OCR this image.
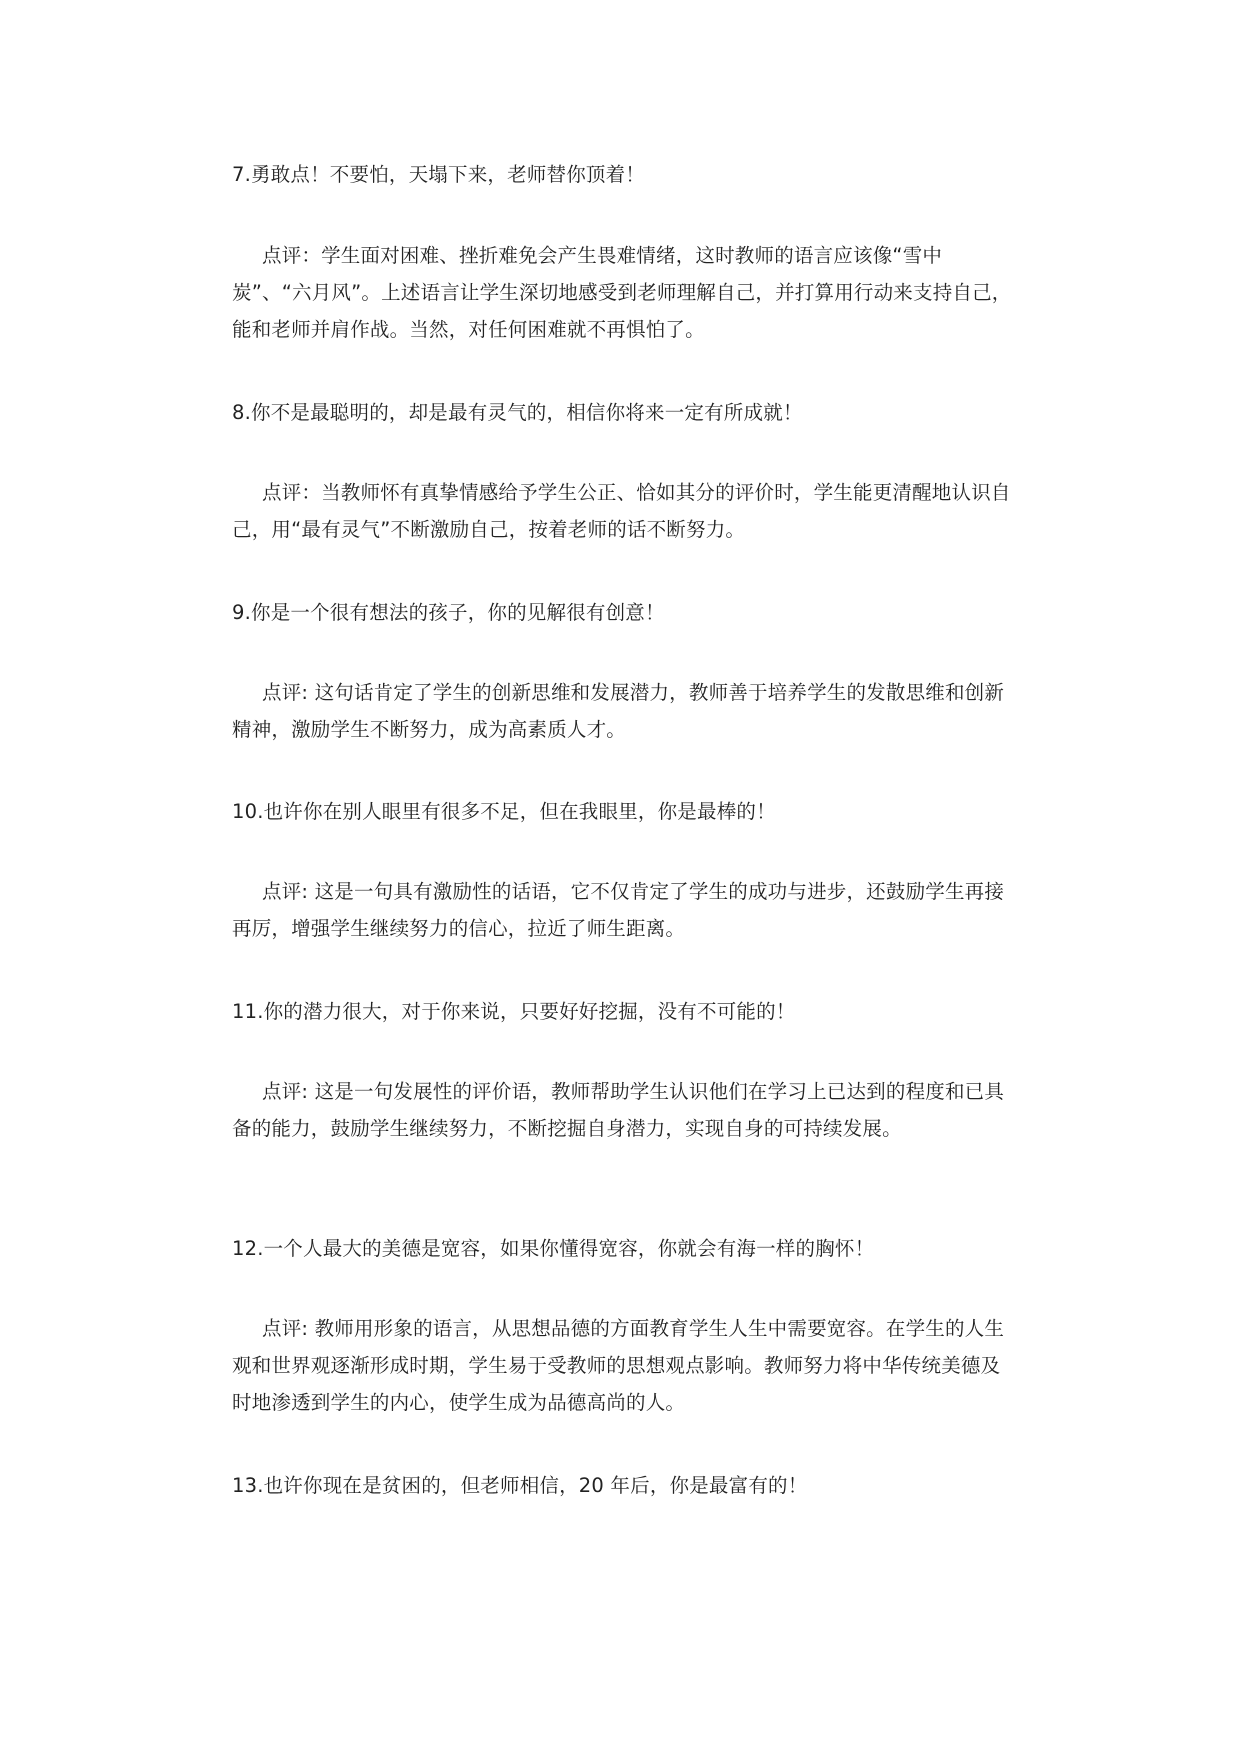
7.勇敢点！不要怕，天塌下来，老师替你顶着！

点评：学生面对困难、挫折难免会产生畏难情绪，这时教师的语言应该像“雪中炭”、“六月风”。上述语言让学生深切地感受到老师理解自己，并打算用行动来支持自己，能和老师并肩作战。当然，对任何困难就不再惧怕了。

8.你不是最聪明的，却是最有灵气的，相信你将来一定有所成就！

点评：当教师怀有真挚情感给予学生公正、恰如其分的评价时，学生能更清醒地认识自己，用“最有灵气”不断激励自己，按着老师的话不断努力。

9.你是一个很有想法的孩子，你的见解很有创意！

点评: 这句话肯定了学生的创新思维和发展潜力，教师善于培养学生的发散思维和创新精神，激励学生不断努力，成为高素质人才。

10.也许你在别人眼里有很多不足，但在我眼里，你是最棒的！

点评: 这是一句具有激励性的话语，它不仅肯定了学生的成功与进步，还鼓励学生再接再厉，增强学生继续努力的信心，拉近了师生距离。

11.你的潜力很大，对于你来说，只要好好挖掘，没有不可能的！

点评: 这是一句发展性的评价语，教师帮助学生认识他们在学习上已达到的程度和已具备的能力，鼓励学生继续努力，不断挖掘自身潜力，实现自身的可持续发展。

12.一个人最大的美德是宽容，如果你懂得宽容，你就会有海一样的胸怀！

点评: 教师用形象的语言，从思想品德的方面教育学生人生中需要宽容。在学生的人生观和世界观逐渐形成时期，学生易于受教师的思想观点影响。教师努力将中华传统美德及时地渗透到学生的内心，使学生成为品德高尚的人。

13.也许你现在是贫困的，但老师相信，20 年后，你是最富有的！
